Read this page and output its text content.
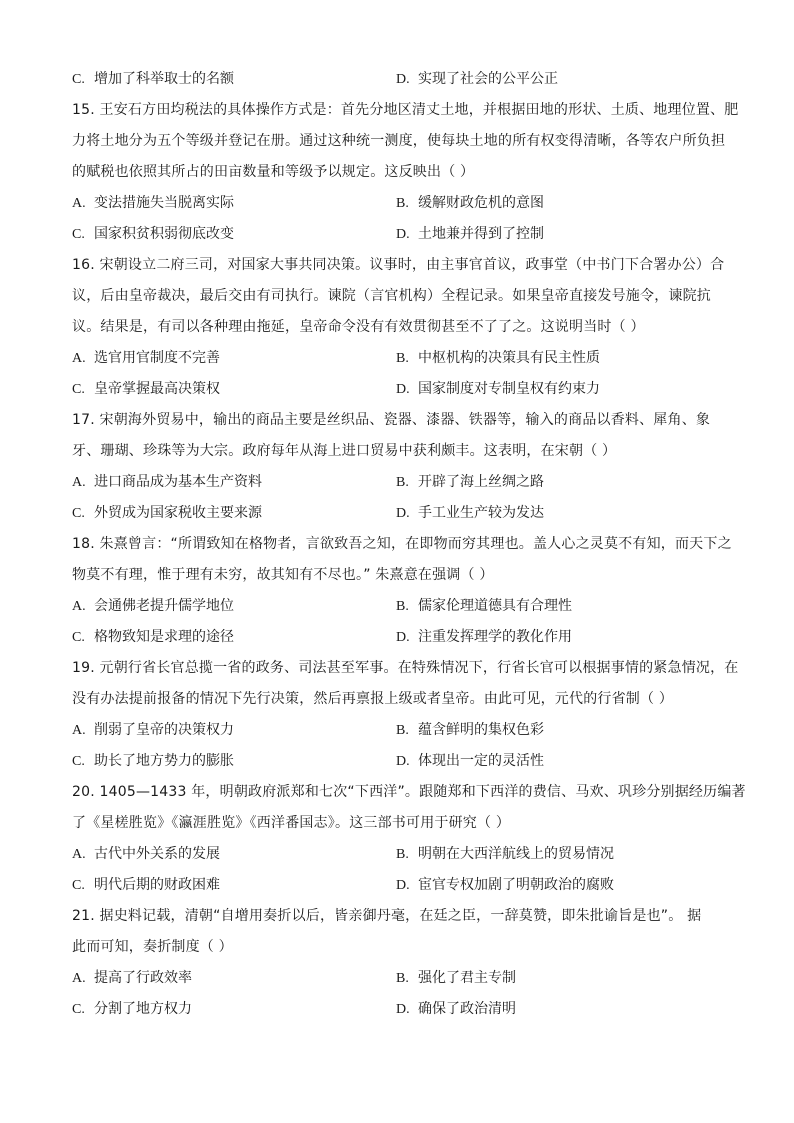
C. 增加了科举取士的名额	D. 实现了社会的公平公正
15. 王安石方田均税法的具体操作方式是：首先分地区清丈土地，并根据田地的形状、土质、地理位置、肥
力将土地分为五个等级并登记在册。通过这种统一测度，使每块土地的所有权变得清晰，各等农户所负担
的赋税也依照其所占的田亩数量和等级予以规定。这反映出（ ）
A. 变法措施失当脱离实际	B. 缓解财政危机的意图
C. 国家积贫积弱彻底改变	D. 土地兼并得到了控制
16. 宋朝设立二府三司，对国家大事共同决策。议事时，由主事官首议，政事堂（中书门下合署办公）合
议，后由皇帝裁决，最后交由有司执行。谏院（言官机构）全程记录。如果皇帝直接发号施令，谏院抗
议。结果是，有司以各种理由拖延，皇帝命令没有有效贯彻甚至不了了之。这说明当时（ ）
A. 选官用官制度不完善	B. 中枢机构的决策具有民主性质
C. 皇帝掌握最高决策权	D. 国家制度对专制皇权有约束力
17. 宋朝海外贸易中，输出的商品主要是丝织品、瓷器、漆器、铁器等，输入的商品以香料、犀角、象
牙、珊瑚、珍珠等为大宗。政府每年从海上进口贸易中获利颇丰。这表明，在宋朝（ ）
A. 进口商品成为基本生产资料	B. 开辟了海上丝绸之路
C. 外贸成为国家税收主要来源	D. 手工业生产较为发达
18. 朱熹曾言：“所谓致知在格物者，言欲致吾之知，在即物而穷其理也。盖人心之灵莫不有知，而天下之
物莫不有理，惟于理有未穷，故其知有不尽也。” 朱熹意在强调（ ）
A. 会通佛老提升儒学地位	B. 儒家伦理道德具有合理性
C. 格物致知是求理的途径	D. 注重发挥理学的教化作用
19. 元朝行省长官总揽一省的政务、司法甚至军事。在特殊情况下，行省长官可以根据事情的紧急情况，在
没有办法提前报备的情况下先行决策，然后再禀报上级或者皇帝。由此可见，元代的行省制（ ）
A. 削弱了皇帝的决策权力	B. 蕴含鲜明的集权色彩
C. 助长了地方势力的膨胀	D. 体现出一定的灵活性
20. 1405—1433 年，明朝政府派郑和七次“下西洋”。跟随郑和下西洋的费信、马欢、巩珍分别据经历编著
了《星槎胜览》《瀛涯胜览》《西洋番国志》。这三部书可用于研究（ ）
A. 古代中外关系的发展	B. 明朝在大西洋航线上的贸易情况
C. 明代后期的财政困难	D. 宦官专权加剧了明朝政治的腐败
21. 据史料记载，清朝“自增用奏折以后，皆亲御丹毫，在廷之臣，一辞莫赞，即朱批谕旨是也”。 据
此而可知，奏折制度（ ）
A. 提高了行政效率	B. 强化了君主专制
C. 分割了地方权力	D. 确保了政治清明
